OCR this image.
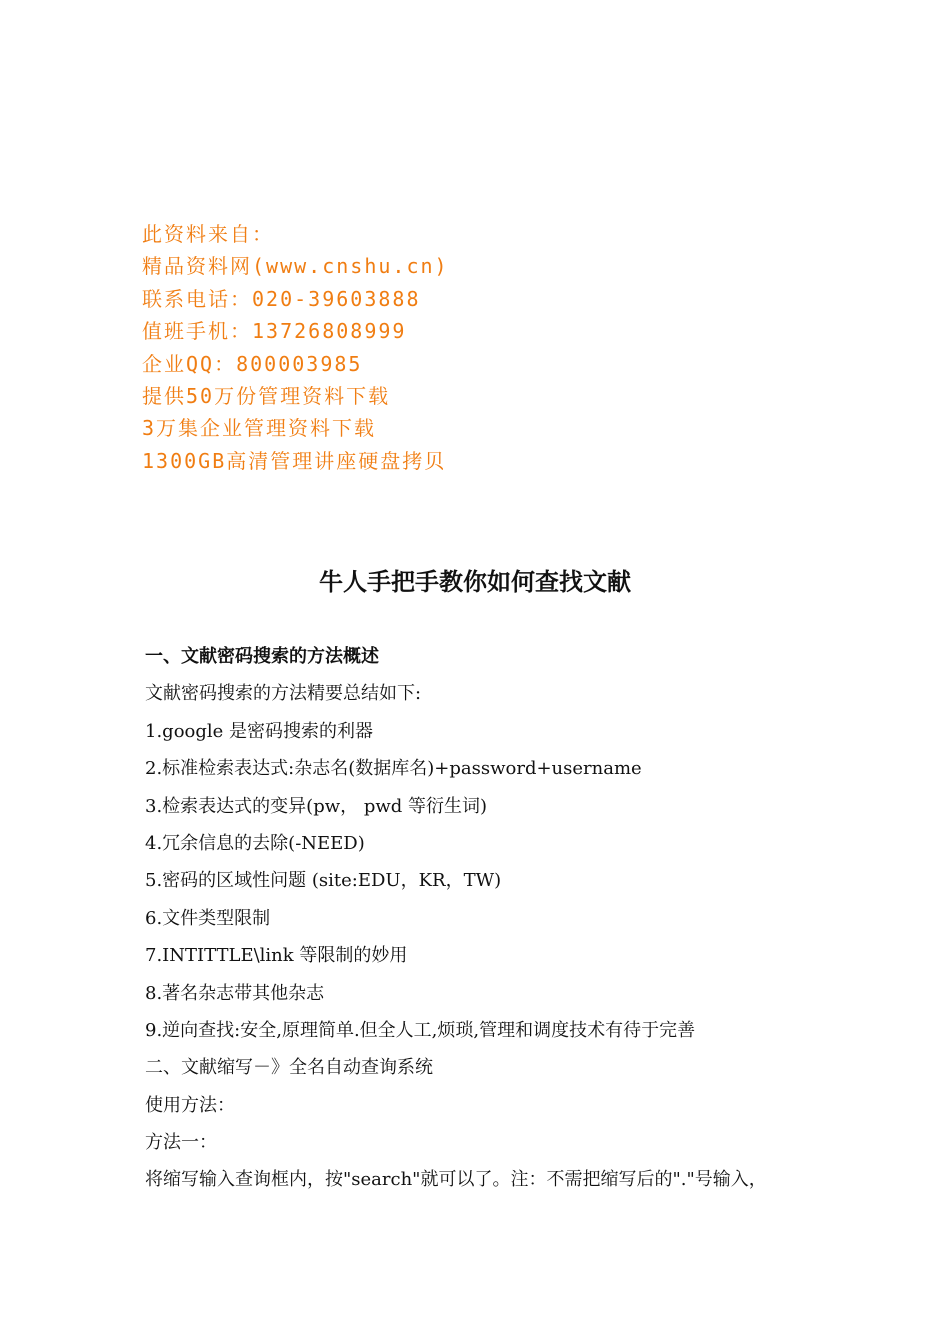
此资料来自：
精品资料网(www.cnshu.cn)
联系电话：020-39603888
值班手机：13726808999
企业QQ：800003985
提供50万份管理资料下载
3万集企业管理资料下载
1300GB高清管理讲座硬盘拷贝
牛人手把手教你如何查找文献
一、文献密码搜索的方法概述
文献密码搜索的方法精要总结如下:
1.google 是密码搜索的利器
2.标准检索表达式:杂志名(数据库名)+password+username
3.检索表达式的变异(pw， pwd 等衍生词)
4.冗余信息的去除(-NEED)
5.密码的区域性问题 (site:EDU，KR，TW)
6.文件类型限制
7.INTITTLE\link 等限制的妙用
8.著名杂志带其他杂志
9.逆向查找:安全,原理简单.但全人工,烦琐,管理和调度技术有待于完善
二、文献缩写－》全名自动查询系统
使用方法：
方法一：
将缩写输入查询框内，按"search"就可以了。注：不需把缩写后的"."号输入，
